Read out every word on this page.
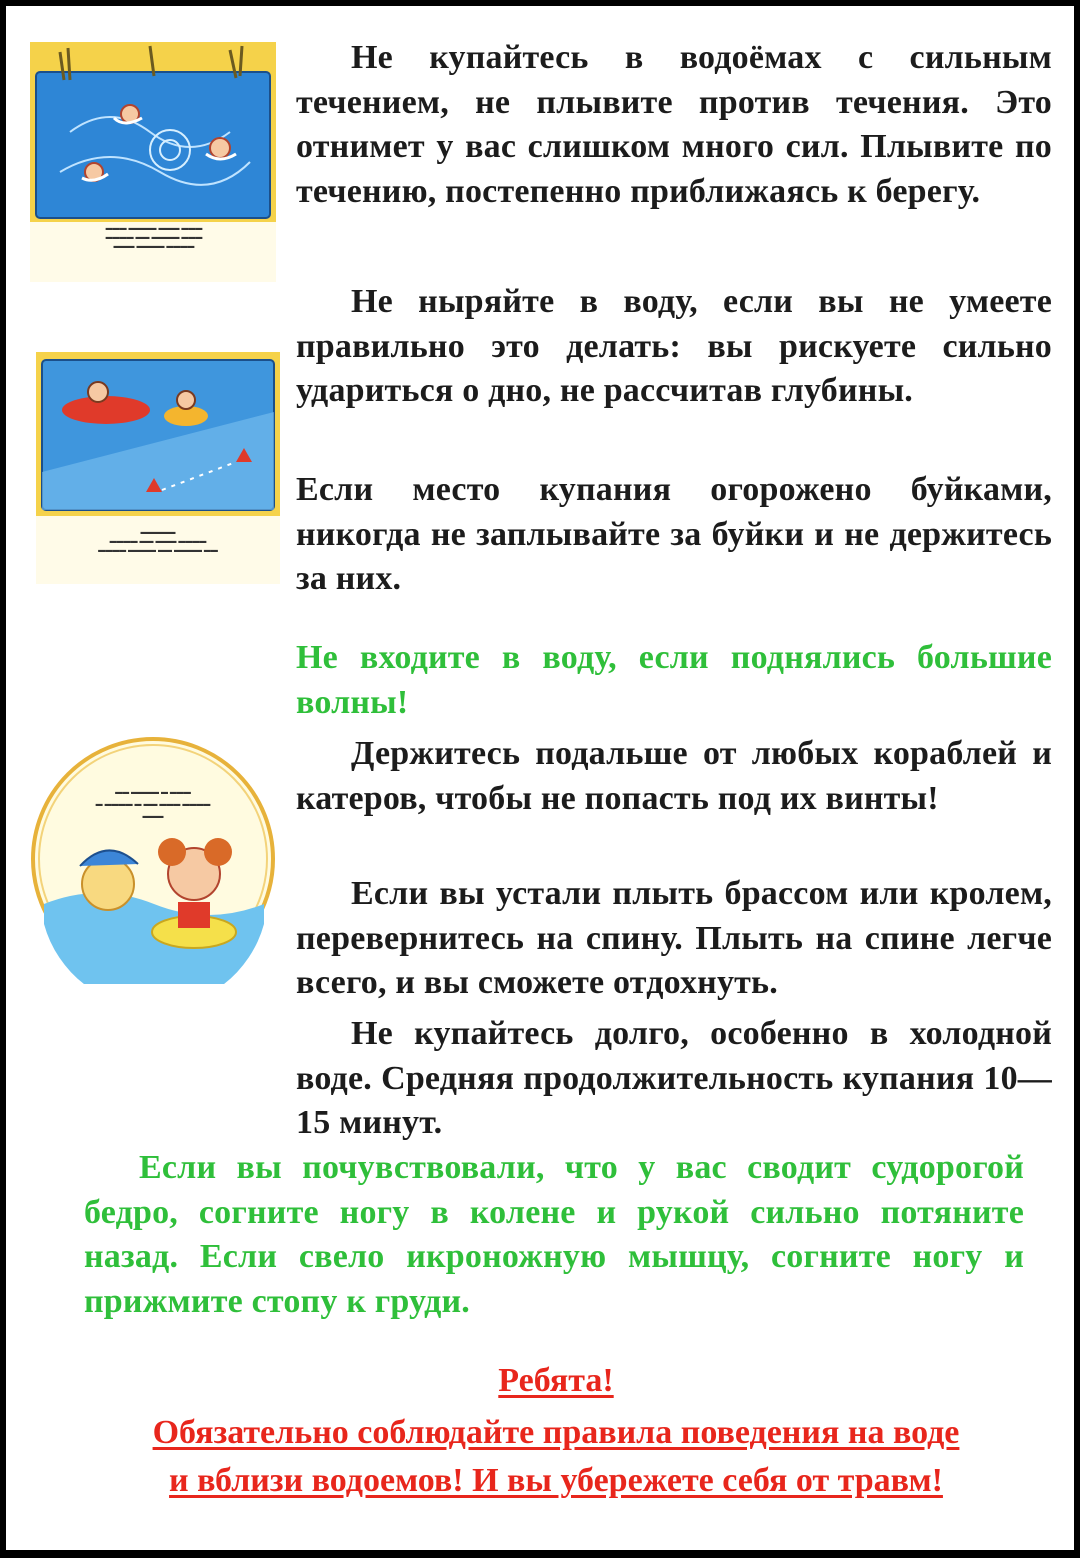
▬▬▬ ▬▬▬▬ ▬▬▬ ▬▬▬
▬▬▬▬ ▬▬ ▬▬▬▬ ▬▬▬
▬▬▬ ▬▬▬▬ ▬▬▬▬
▬▬▬▬▬
▬▬▬▬ ▬▬ ▬▬▬ ▬▬▬▬
▬▬▬▬ ▬▬▬▬ ▬▬ ▬▬▬▬ ▬▬
▬▬ ▬▬▬▬ ▬ ▬▬▬
▬ ▬▬▬▬ ▬ ▬▬ ▬▬▬ ▬▬▬▬
▬▬▬

Не купайтесь в водоёмах с сильным течением, не плывите против течения. Это отнимет у вас слишком много сил. Плывите по течению, постепенно приближаясь к берегу.

Не ныряйте в воду, если вы не умеете правильно это делать: вы рискуете сильно удариться о дно, не рассчитав глубины.

Если место купания огорожено буйками, никогда не заплывайте за буйки и не держитесь за них.

Не входите в воду, если поднялись большие волны!

Держитесь подальше от любых кораблей и катеров, чтобы не попасть под их винты!

Если вы устали плыть брассом или кролем, перевернитесь на спину. Плыть на спине легче всего, и вы сможете отдохнуть.

Не купайтесь долго, особенно в холодной воде. Средняя продолжительность купания 10—15 минут.

Если вы почувствовали, что у вас сводит судорогой бедро, согните ногу в колене и рукой сильно потяните назад. Если свело икроножную мышцу, согните ногу и прижмите стопу к груди.

Ребята!

Обязательно соблюдайте правила поведения на воде

и вблизи водоемов! И вы убережете себя от травм!
